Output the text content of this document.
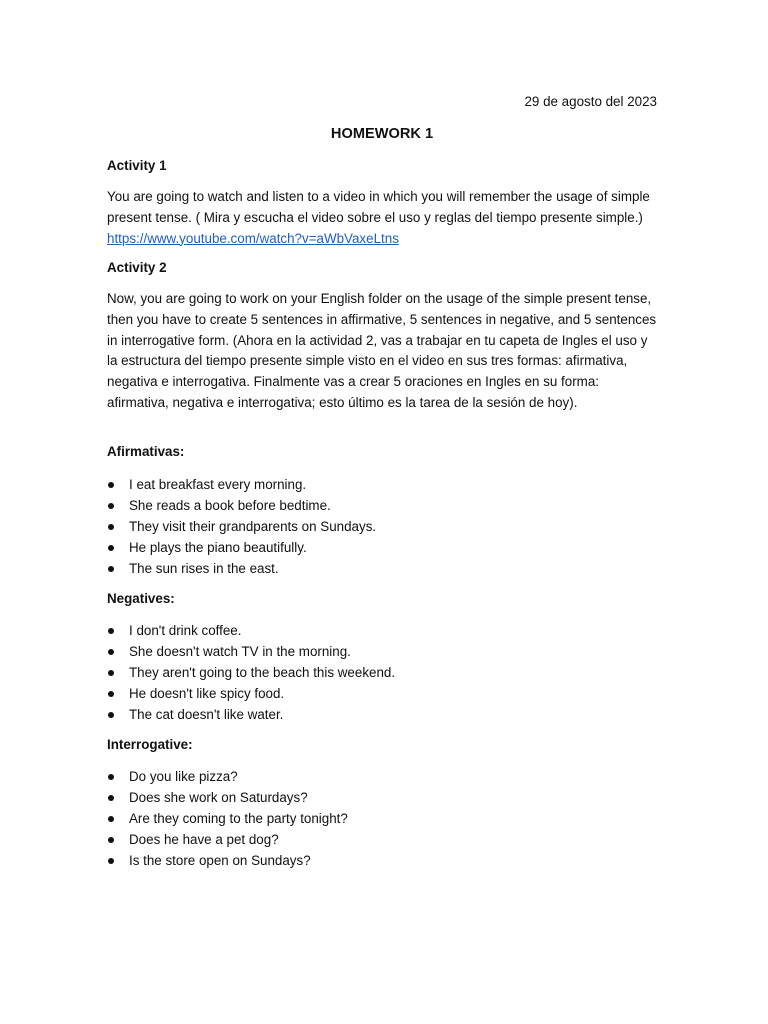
29 de agosto del 2023
HOMEWORK 1
Activity 1
You are going to watch and listen to a video in which you will remember the usage of simple present tense. ( Mira y escucha el video sobre el uso y reglas del tiempo presente simple.)  https://www.youtube.com/watch?v=aWbVaxeLtns
Activity 2
Now, you are going to work on your English folder on the usage of the simple present tense, then you have to create 5 sentences in affirmative, 5 sentences in negative, and 5 sentences in interrogative form. (Ahora en la actividad 2, vas a trabajar en tu capeta de Ingles el uso y la estructura del tiempo presente simple visto en el video en sus tres formas: afirmativa, negativa e interrogativa. Finalmente vas a crear 5 oraciones en Ingles en su forma: afirmativa, negativa e interrogativa; esto último es la tarea de la sesión de hoy).
Afirmativas:
I eat breakfast every morning.
She reads a book before bedtime.
They visit their grandparents on Sundays.
He plays the piano beautifully.
The sun rises in the east.
Negatives:
I don't drink coffee.
She doesn't watch TV in the morning.
They aren't going to the beach this weekend.
He doesn't like spicy food.
The cat doesn't like water.
Interrogative:
Do you like pizza?
Does she work on Saturdays?
Are they coming to the party tonight?
Does he have a pet dog?
Is the store open on Sundays?
